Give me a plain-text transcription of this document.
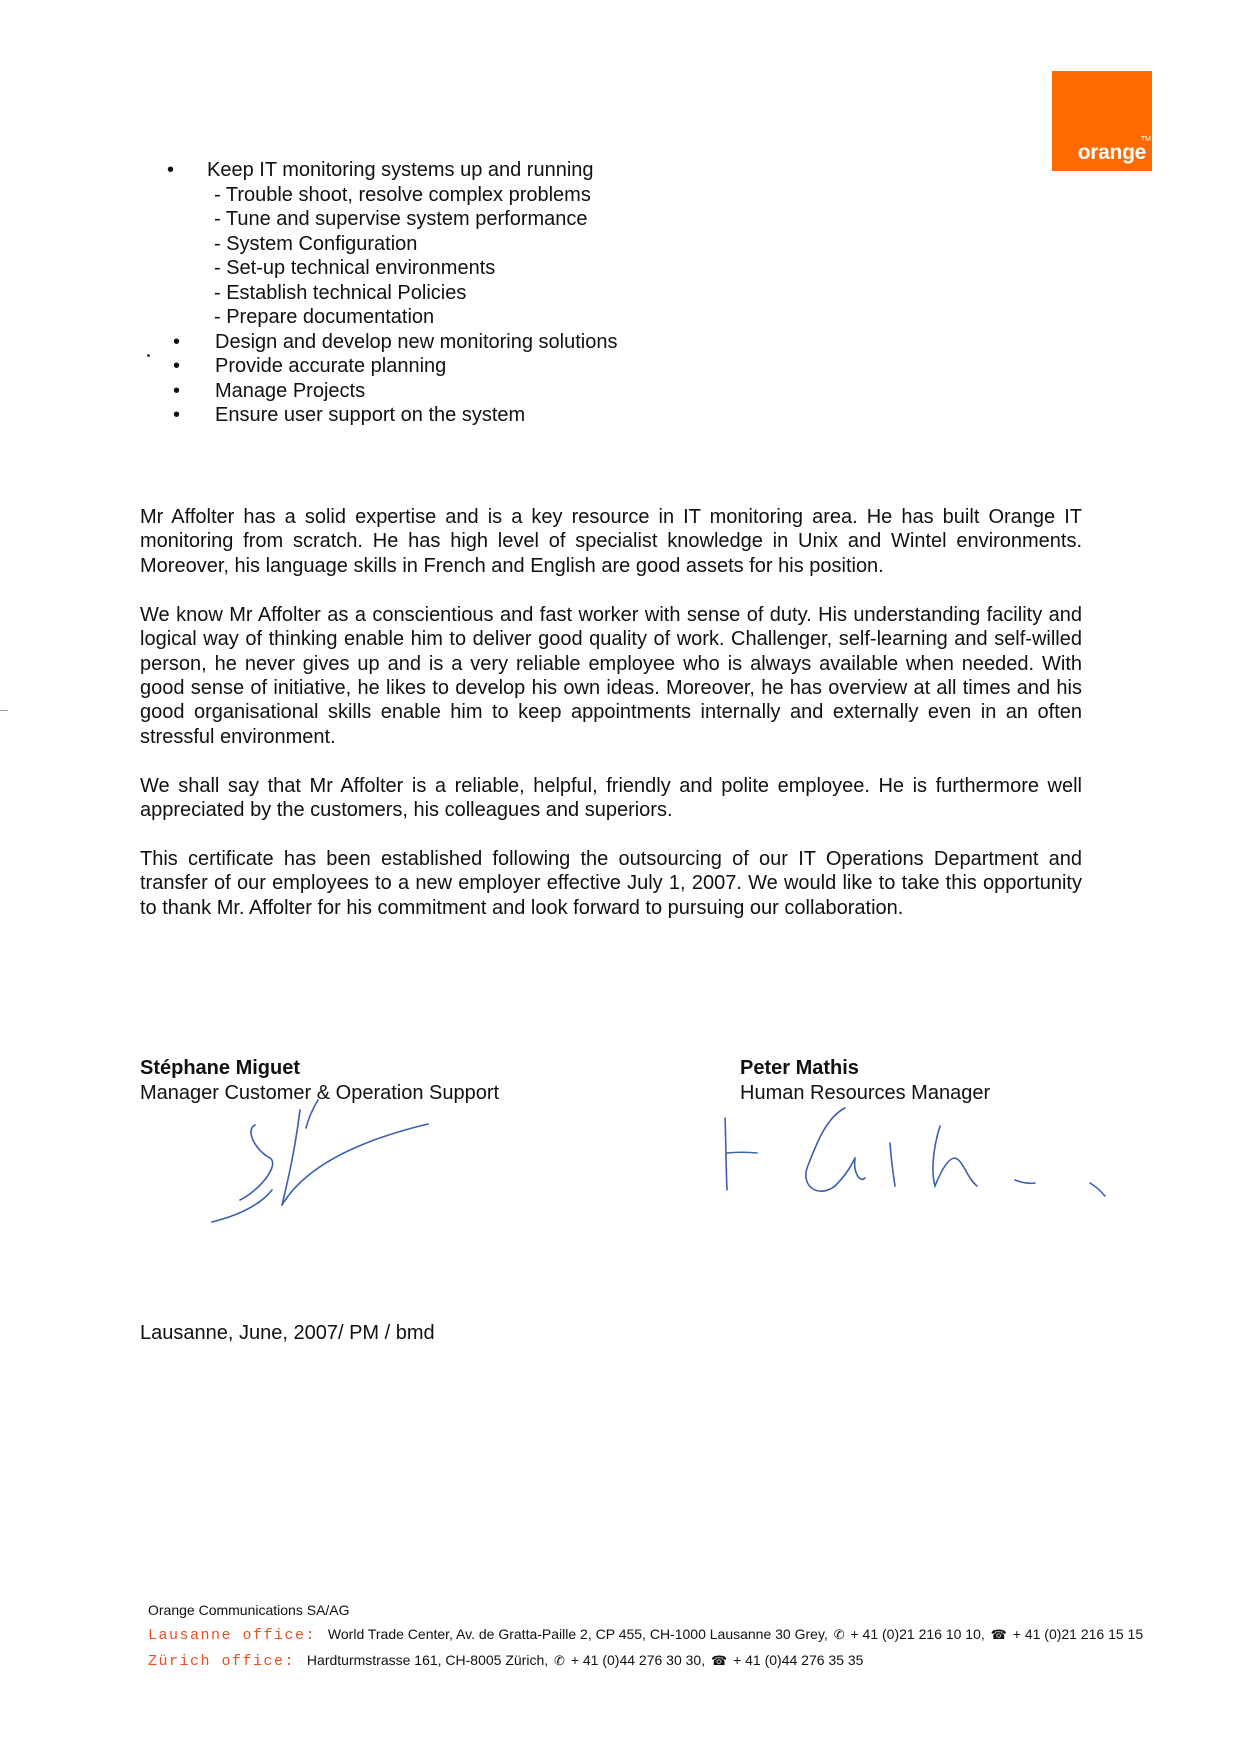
orange
TM
• Keep IT monitoring systems up and running
- Trouble shoot, resolve complex problems
- Tune and supervise system performance
- System Configuration
- Set-up technical environments
- Establish technical Policies
- Prepare documentation
• Design and develop new monitoring solutions
• Provide accurate planning
• Manage Projects
• Ensure user support on the system

Mr Affolter has a solid expertise and is a key resource in IT monitoring area. He has built Orange IT monitoring from scratch. He has high level of specialist knowledge in Unix and Wintel environments. Moreover, his language skills in French and English are good assets for his position.

We know Mr Affolter as a conscientious and fast worker with sense of duty. His understanding facility and logical way of thinking enable him to deliver good quality of work. Challenger, self-learning and self-willed person, he never gives up and is a very reliable employee who is always available when needed. With good sense of initiative, he likes to develop his own ideas. Moreover, he has overview at all times and his good organisational skills enable him to keep appointments internally and externally even in an often stressful environment.

We shall say that Mr Affolter is a reliable, helpful, friendly and polite employee. He is furthermore well appreciated by the customers, his colleagues and superiors.

This certificate has been established following the outsourcing of our IT Operations Department and transfer of our employees to a new employer effective July 1, 2007. We would like to take this opportunity to thank Mr. Affolter for his commitment and look forward to pursuing our collaboration.

Stéphane Miguet
Manager Customer & Operation Support
Peter Mathis
Human Resources Manager
Lausanne, June, 2007/ PM / bmd
Orange Communications SA/AG
Lausanne office: World Trade Center, Av. de Gratta-Paille 2, CP 455, CH-1000 Lausanne 30 Grey, ✆ + 41 (0)21 216 10 10, ☎ + 41 (0)21 216 15 15
Zürich office: Hardturmstrasse 161, CH-8005 Zürich, ✆ + 41 (0)44 276 30 30, ☎ + 41 (0)44 276 35 35
